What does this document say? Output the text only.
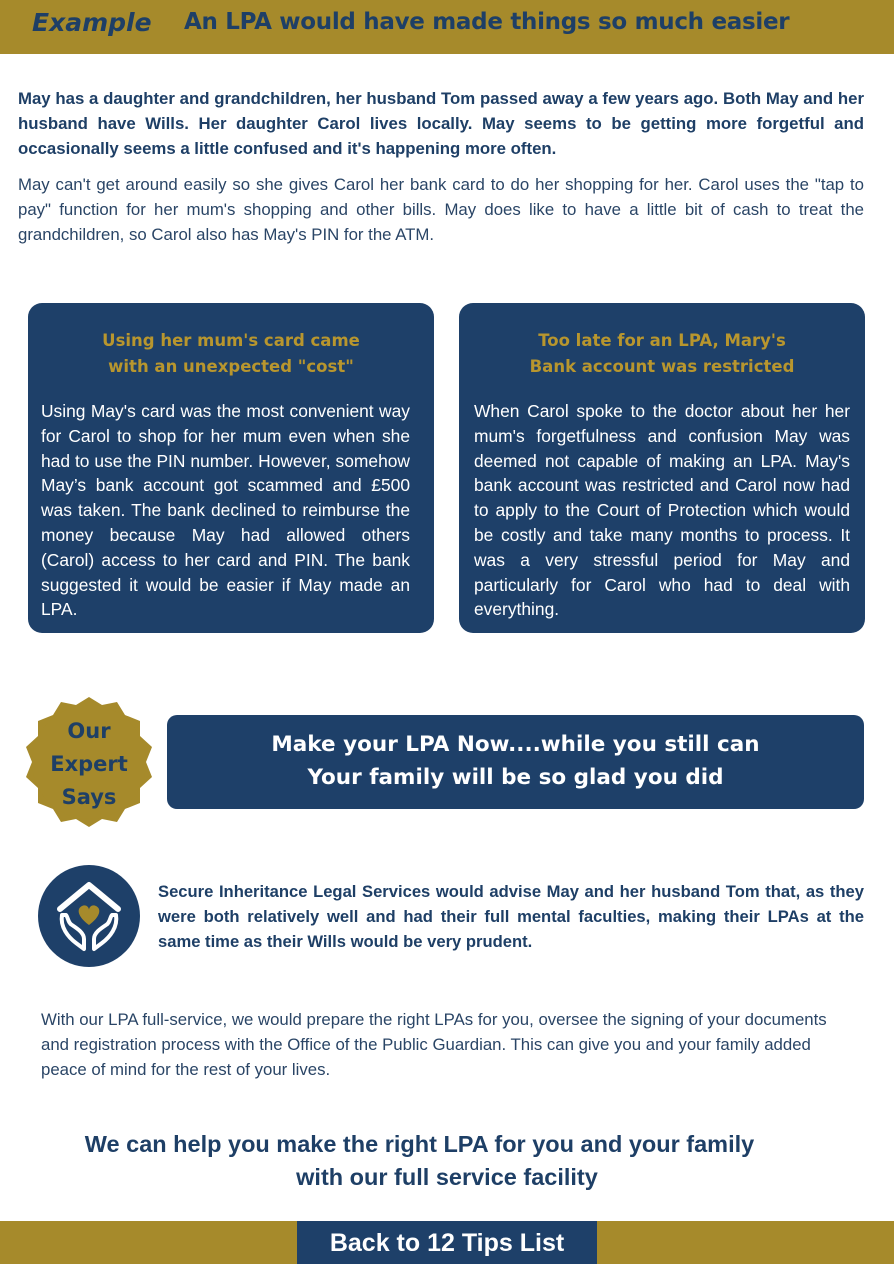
Example An LPA would have made things so much easier

May has a daughter and grandchildren, her husband Tom passed away a few years ago. Both May and her husband have Wills. Her daughter Carol lives locally. May seems to be getting more forgetful and occasionally seems a little confused and it's happening more often.

May can't get around easily so she gives Carol her bank card to do her shopping for her. Carol uses the "tap to pay" function for her mum's shopping and other bills. May does like to have a little bit of cash to treat the grandchildren, so Carol also has May's PIN for the ATM.

Using her mum's card came
with an unexpected "cost"

Using May's card was the most convenient way for Carol to shop for her mum even when she had to use the PIN number. However, somehow May’s bank account got scammed and £500 was taken. The bank declined to reimburse the money because May had allowed others (Carol) access to her card and PIN. The bank suggested it would be easier if May made an LPA.

Too late for an LPA, Mary's
Bank account was restricted

When Carol spoke to the doctor about her her mum's forgetfulness and confusion May was deemed not capable of making an LPA. May's bank account was restricted and Carol now had to apply to the Court of Protection which would be costly and take many months to process. It was a very stressful period for May and particularly for Carol who had to deal with everything.

Our
Expert
Says
Make your LPA Now....while you still can
Your family will be so glad you did

Secure Inheritance Legal Services would advise May and her husband Tom that, as they were both relatively well and had their full mental faculties, making their LPAs at the same time as their Wills would be very prudent.

With our LPA full-service, we would prepare the right LPAs for you, oversee the signing of your documents and registration process with the Office of the Public Guardian. This can give you and your family added peace of mind for the rest of your lives.

We can help you make the right LPA for you and your family
with our full service facility
Back to 12 Tips List
